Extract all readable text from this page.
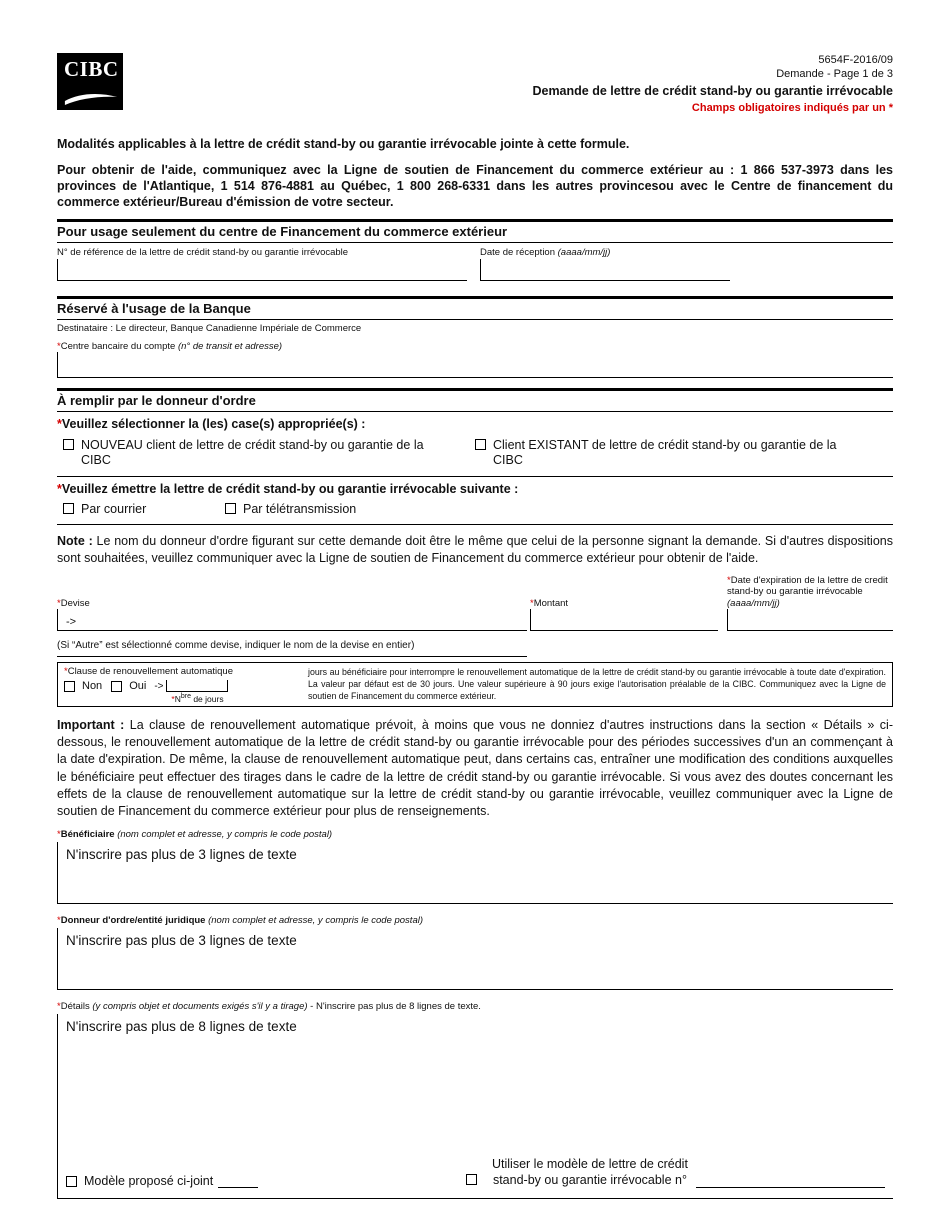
CIBC	5654F-2016/09
Demande - Page 1 de 3
Demande de lettre de crédit stand-by ou garantie irrévocable
Champs obligatoires indiqués par un *

Modalités applicables à la lettre de crédit stand-by ou garantie irrévocable jointe à cette formule.

Pour obtenir de l'aide, communiquez avec la Ligne de soutien de Financement du commerce extérieur au : 1 866 537-3973 dans les provinces de l'Atlantique, 1 514 876-4881 au Québec, 1 800 268-6331 dans les autres provincesou avec le Centre de financement du commerce extérieur/Bureau d'émission de votre secteur.

Pour usage seulement du centre de Financement du commerce extérieur
N° de référence de la lettre de crédit stand-by ou garantie irrévocable	Date de réception (aaaa/mm/jj)
Réservé à l'usage de la Banque
Destinataire : Le directeur, Banque Canadienne Impériale de Commerce
*Centre bancaire du compte (n° de transit et adresse)
À remplir par le donneur d'ordre
*Veuillez sélectionner la (les) case(s) appropriée(s) :
NOUVEAU client de lettre de crédit stand-by ou garantie de la CIBC
Client EXISTANT de lettre de crédit stand-by ou garantie de la CIBC
*Veuillez émettre la lettre de crédit stand-by ou garantie irrévocable suivante :
Par courrier	Par télétransmission

Note : Le nom du donneur d'ordre figurant sur cette demande doit être le même que celui de la personne signant la demande. Si d'autres dispositions sont souhaitées, veuillez communiquer avec la Ligne de soutien de Financement du commerce extérieur pour obtenir de l'aide.

*Devise
->
*Montant
*Date d'expiration de la lettre de credit stand-by ou garantie irrévocable (aaaa/mm/jj)
(Si “Autre” est sélectionné comme devise, indiquer le nom de la devise en entier)
*Clause de renouvellement automatique
Non Oui ->
$*N^{bre}$ de jours
jours au bénéficiaire pour interrompre le renouvellement automatique de la lettre de crédit stand-by ou garantie irrévocable à toute date d'expiration. La valeur par défaut est de 30 jours. Une valeur supérieure à 90 jours exige l'autorisation préalable de la CIBC. Communiquez avec la Ligne de soutien de Financement du commerce extérieur.

Important : La clause de renouvellement automatique prévoit, à moins que vous ne donniez d'autres instructions dans la section « Détails » ci-dessous, le renouvellement automatique de la lettre de crédit stand-by ou garantie irrévocable pour des périodes successives d'un an commençant à la date d'expiration. De même, la clause de renouvellement automatique peut, dans certains cas, entraîner une modification des conditions auxquelles le bénéficiaire peut effectuer des tirages dans le cadre de la lettre de crédit stand-by ou garantie irrévocable. Si vous avez des doutes concernant les effets de la clause de renouvellement automatique sur la lettre de crédit stand-by ou garantie irrévocable, veuillez communiquer avec la Ligne de soutien de Financement du commerce extérieur pour plus de renseignements.

*Bénéficiaire (nom complet et adresse, y compris le code postal)
N'inscrire pas plus de 3 lignes de texte
*Donneur d'ordre/entité juridique (nom complet et adresse, y compris le code postal)
N'inscrire pas plus de 3 lignes de texte
*Détails (y compris objet et documents exigés s'il y a tirage) - N'inscrire pas plus de 8 lignes de texte.
N'inscrire pas plus de 8 lignes de texte
Modèle proposé ci-joint
Utiliser le modèle de lettre de crédit
stand-by ou garantie irrévocable n°
